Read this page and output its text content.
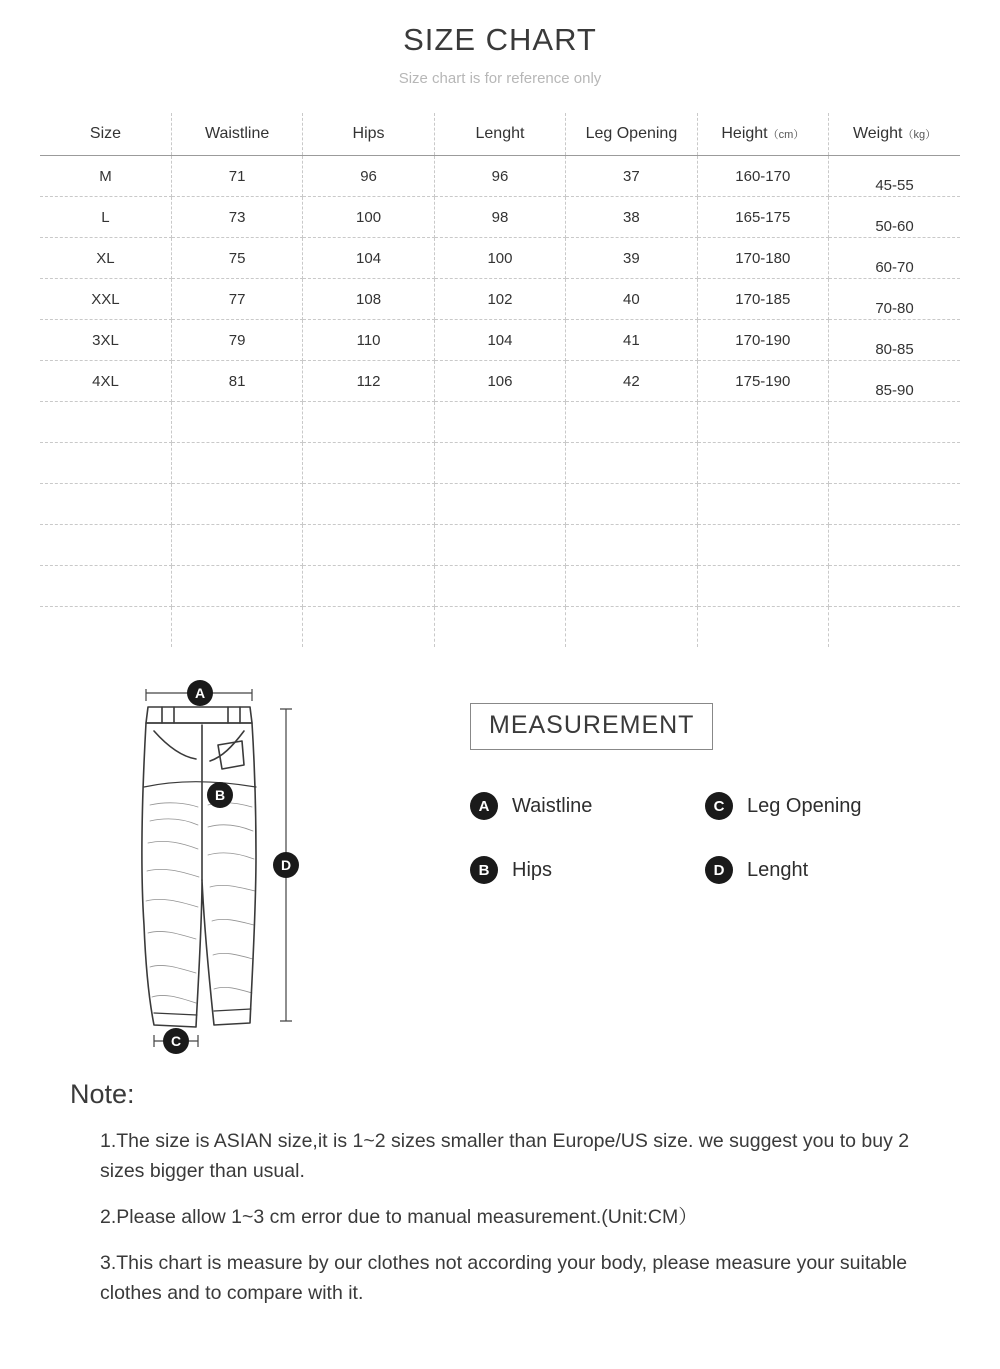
SIZE CHART
Size chart is for reference only
Size	Waistline	Hips	Lenght	Leg Opening	Height（cm）	Weight（kg）
M	71	96	96	37	160-170	45-55
L	73	100	98	38	165-175	50-60
XL	75	104	100	39	170-180	60-70
XXL	77	108	102	40	170-185	70-80
3XL	79	110	104	41	170-190	80-85
4XL	81	112	106	42	175-190	85-90

A
B
D
C
MEASUREMENT
A	Waistline	C	Leg Opening
B	Hips	D	Lenght
Note:
1.The size is ASIAN size,it is 1~2 sizes smaller than Europe/US size. we suggest you to buy 2 sizes bigger than usual.
2.Please allow 1~3 cm error due to manual measurement.(Unit:CM）
3.This chart is measure by our clothes not according your body, please measure your suitable clothes and to compare with it.
